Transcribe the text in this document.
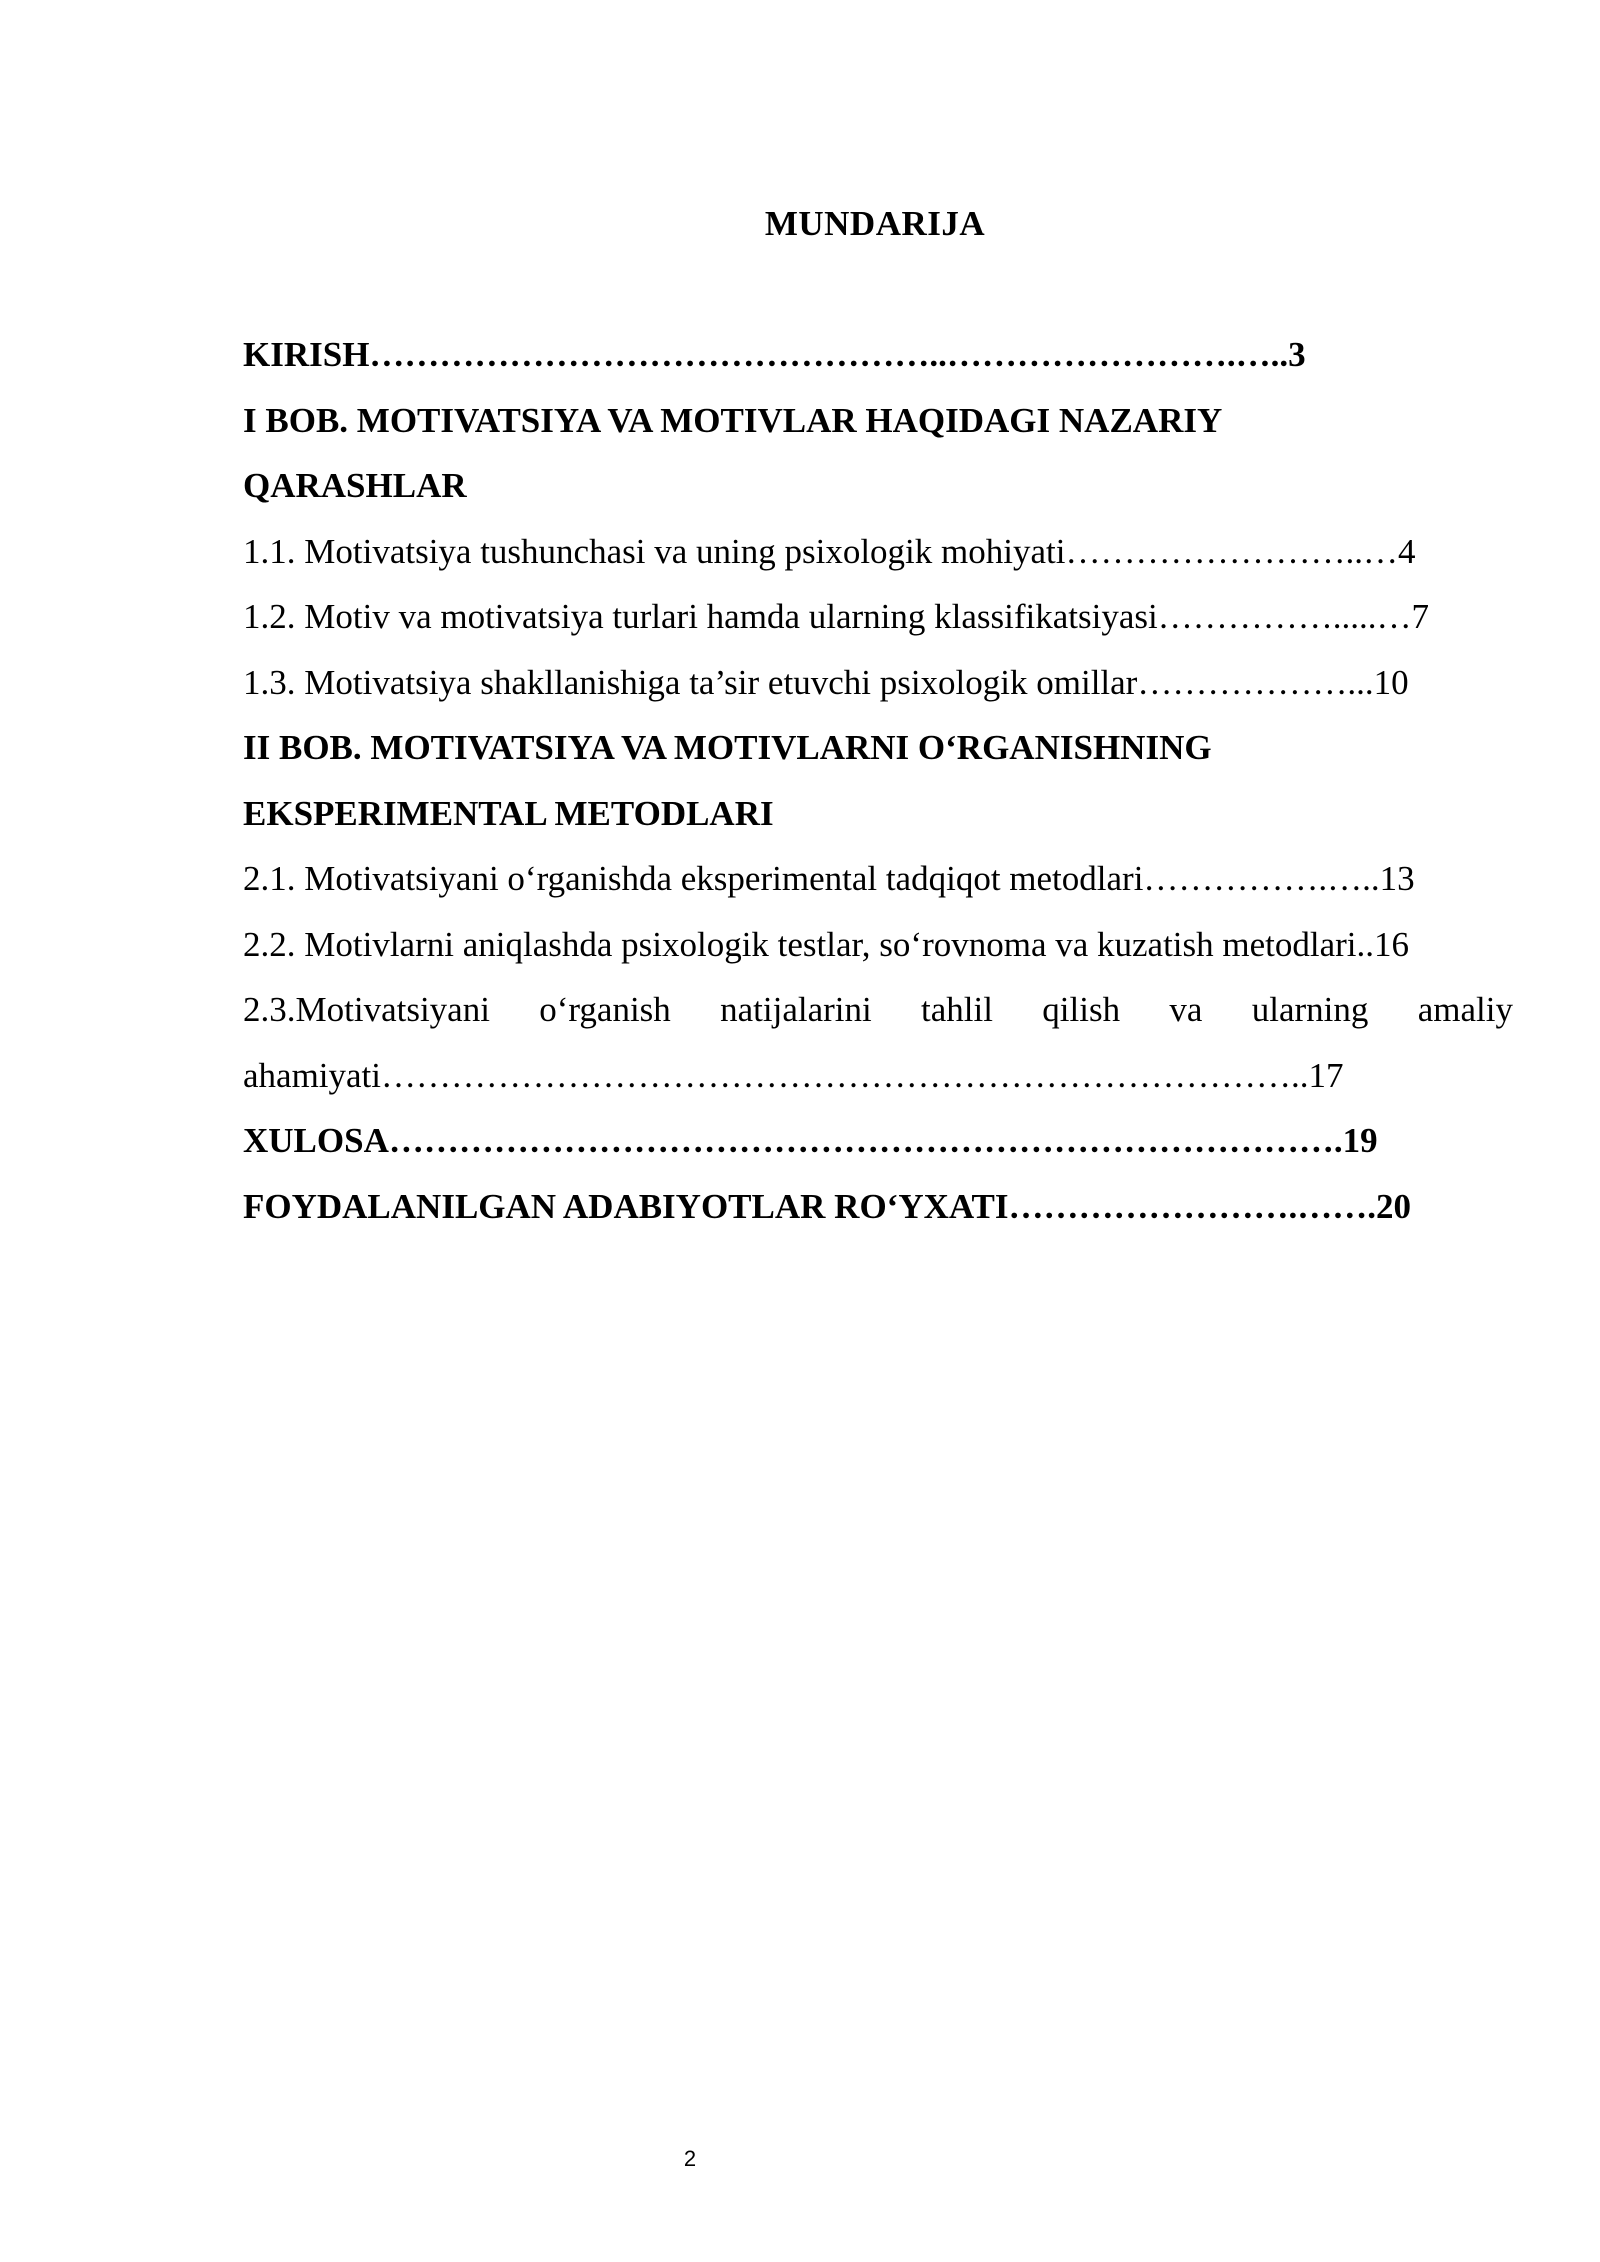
MUNDARIJA
KIRISH…………………………………………..…………………….…..3
I BOB. MOTIVATSIYA VA MOTIVLAR HAQIDAGI NAZARIY
QARASHLAR
1.1. Motivatsiya tushunchasi va uning psixologik mohiyati……………………..…4
1.2. Motiv va motivatsiya turlari hamda ularning klassifikatsiyasi…………….....…7
1.3. Motivatsiya shakllanishiga ta’sir etuvchi psixologik omillar………………...10
II BOB. MOTIVATSIYA VA MOTIVLARNI O‘RGANISHNING
EKSPERIMENTAL METODLARI
2.1. Motivatsiyani o‘rganishda eksperimental tadqiqot metodlari…………….…..13
2.2. Motivlarni aniqlashda psixologik testlar, so‘rovnoma va kuzatish metodlari..16
2.3.Motivatsiyani o‘rganish natijalarini tahlil qilish va ularning amaliy
ahamiyati……………………………………………………………………..17
XULOSA……………………………………………………………………….19
FOYDALANILGAN ADABIYOTLAR RO‘YXATI…………………….…….20
2
